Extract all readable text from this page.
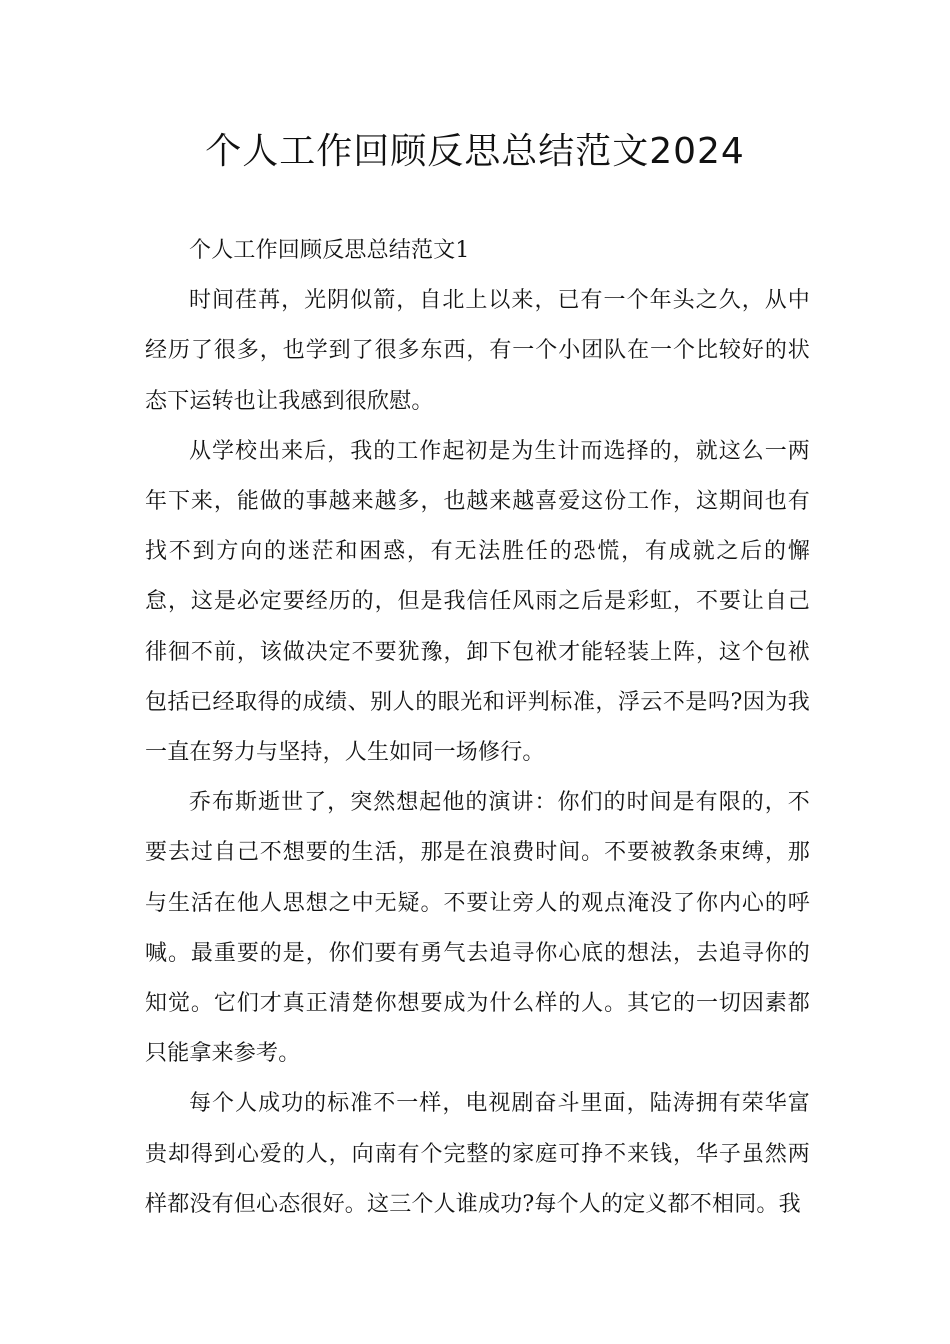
个人工作回顾反思总结范文2024

个人工作回顾反思总结范文1

时间荏苒，光阴似箭，自北上以来，已有一个年头之久，从中经历了很多，也学到了很多东西，有一个小团队在一个比较好的状态下运转也让我感到很欣慰。

从学校出来后，我的工作起初是为生计而选择的，就这么一两年下来，能做的事越来越多，也越来越喜爱这份工作，这期间也有找不到方向的迷茫和困惑，有无法胜任的恐慌，有成就之后的懈怠，这是必定要经历的，但是我信任风雨之后是彩虹，不要让自己徘徊不前，该做决定不要犹豫，卸下包袱才能轻装上阵，这个包袱包括已经取得的成绩、别人的眼光和评判标准，浮云不是吗?因为我一直在努力与坚持，人生如同一场修行。

乔布斯逝世了，突然想起他的演讲：你们的时间是有限的，不要去过自己不想要的生活，那是在浪费时间。不要被教条束缚，那与生活在他人思想之中无疑。不要让旁人的观点淹没了你内心的呼喊。最重要的是，你们要有勇气去追寻你心底的想法，去追寻你的知觉。它们才真正清楚你想要成为什么样的人。其它的一切因素都只能拿来参考。

每个人成功的标准不一样，电视剧奋斗里面，陆涛拥有荣华富贵却得到心爱的人，向南有个完整的家庭可挣不来钱，华子虽然两样都没有但心态很好。这三个人谁成功?每个人的定义都不相同。我
